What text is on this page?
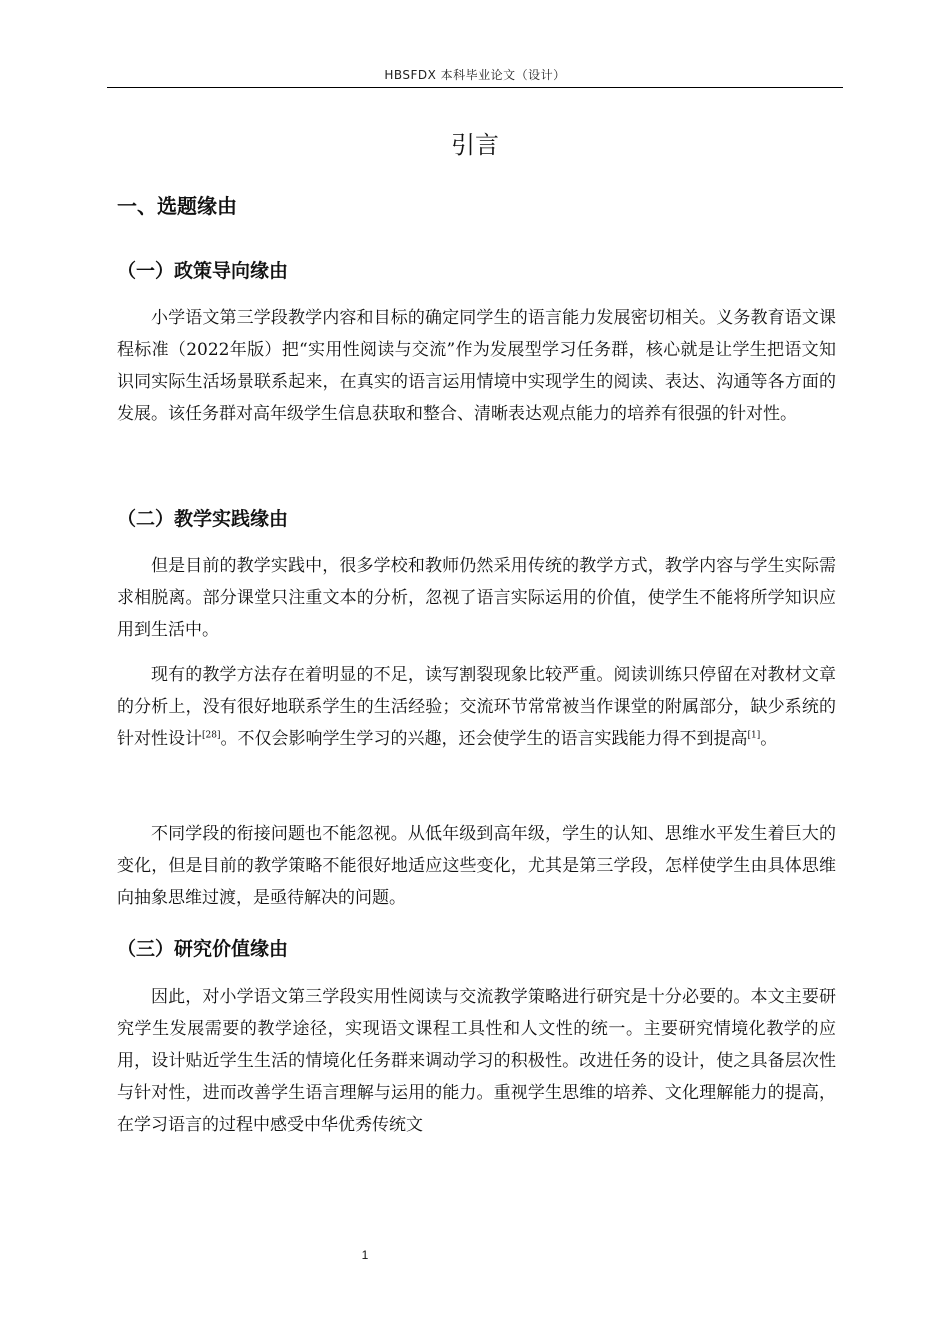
HBSFDX 本科毕业论文（设计）
引言
一、选题缘由
（一）政策导向缘由

小学语文第三学段教学内容和目标的确定同学生的语言能力发展密切相关。义务教育语文课程标准（2022年版）把“实用性阅读与交流”作为发展型学习任务群，核心就是让学生把语文知识同实际生活场景联系起来，在真实的语言运用情境中实现学生的阅读、表达、沟通等各方面的发展。该任务群对高年级学生信息获取和整合、清晰表达观点能力的培养有很强的针对性。

（二）教学实践缘由

但是目前的教学实践中，很多学校和教师仍然采用传统的教学方式，教学内容与学生实际需求相脱离。部分课堂只注重文本的分析，忽视了语言实际运用的价值，使学生不能将所学知识应用到生活中。

现有的教学方法存在着明显的不足，读写割裂现象比较严重。阅读训练只停留在对教材文章的分析上，没有很好地联系学生的生活经验；交流环节常常被当作课堂的附属部分，缺少系统的针对性设计[28]。不仅会影响学生学习的兴趣，还会使学生的语言实践能力得不到提高[1]。

不同学段的衔接问题也不能忽视。从低年级到高年级，学生的认知、思维水平发生着巨大的变化，但是目前的教学策略不能很好地适应这些变化，尤其是第三学段，怎样使学生由具体思维向抽象思维过渡，是亟待解决的问题。

（三）研究价值缘由

因此，对小学语文第三学段实用性阅读与交流教学策略进行研究是十分必要的。本文主要研究学生发展需要的教学途径，实现语文课程工具性和人文性的统一。主要研究情境化教学的应用，设计贴近学生生活的情境化任务群来调动学习的积极性。改进任务的设计，使之具备层次性与针对性，进而改善学生语言理解与运用的能力。重视学生思维的培养、文化理解能力的提高，在学习语言的过程中感受中华优秀传统文

1
